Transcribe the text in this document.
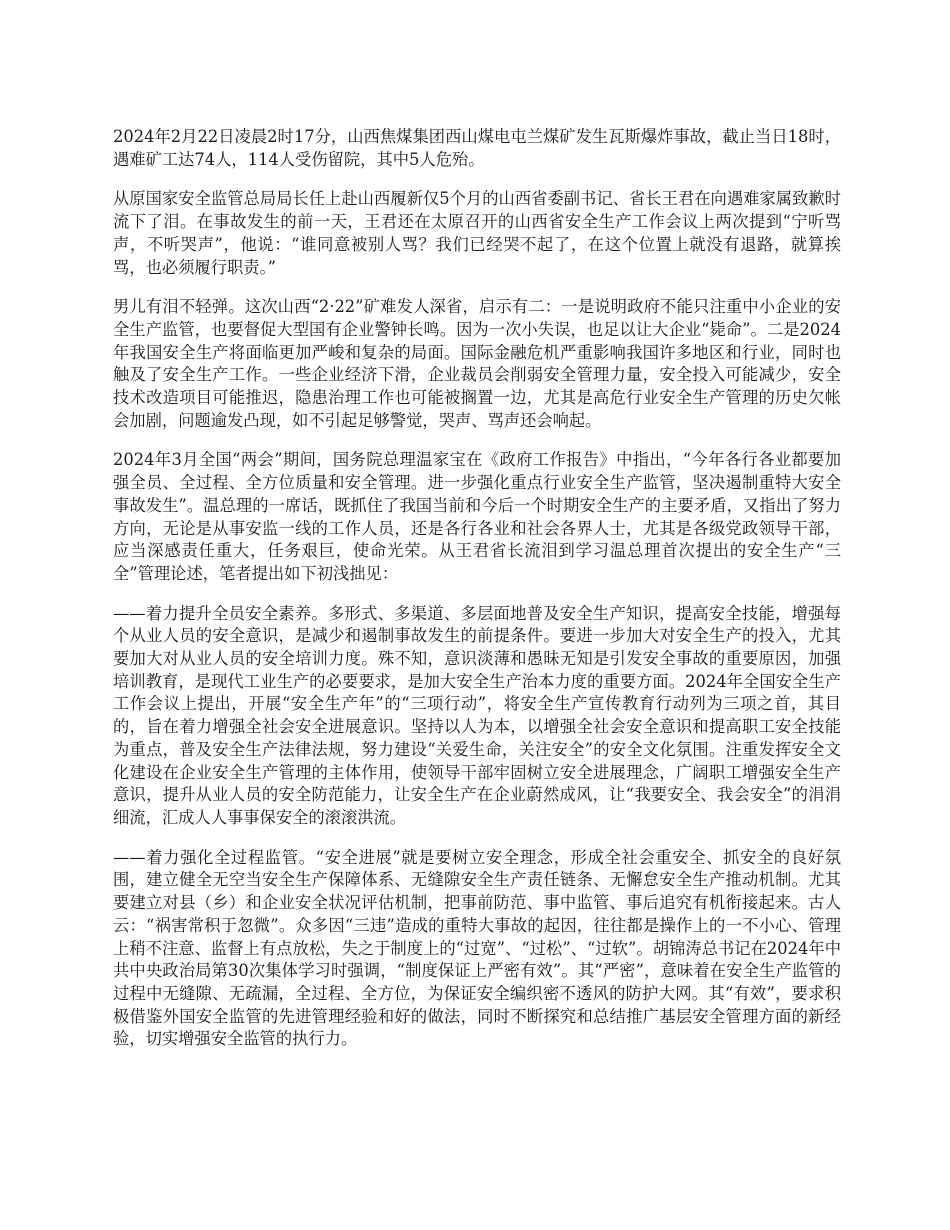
2024年2月22日凌晨2时17分，山西焦煤集团西山煤电屯兰煤矿发生瓦斯爆炸事故，截止当日18时，遇难矿工达74人，114人受伤留院，其中5人危殆。

从原国家安全监管总局局长任上赴山西履新仅5个月的山西省委副书记、省长王君在向遇难家属致歉时流下了泪。在事故发生的前一天，王君还在太原召开的山西省安全生产工作会议上两次提到“宁听骂声，不听哭声”，他说：“谁同意被别人骂？我们已经哭不起了，在这个位置上就没有退路，就算挨骂，也必须履行职责。”

男儿有泪不轻弹。这次山西“2·22”矿难发人深省，启示有二：一是说明政府不能只注重中小企业的安全生产监管，也要督促大型国有企业警钟长鸣。因为一次小失误，也足以让大企业“毙命”。二是2024年我国安全生产将面临更加严峻和复杂的局面。国际金融危机严重影响我国许多地区和行业，同时也触及了安全生产工作。一些企业经济下滑，企业裁员会削弱安全管理力量，安全投入可能减少，安全技术改造项目可能推迟，隐患治理工作也可能被搁置一边，尤其是高危行业安全生产管理的历史欠帐会加剧，问题逾发凸现，如不引起足够警觉，哭声、骂声还会响起。

2024年3月全国“两会”期间，国务院总理温家宝在《政府工作报告》中指出，“今年各行各业都要加强全员、全过程、全方位质量和安全管理。进一步强化重点行业安全生产监管，坚决遏制重特大安全事故发生”。温总理的一席话，既抓住了我国当前和今后一个时期安全生产的主要矛盾，又指出了努力方向，无论是从事安监一线的工作人员，还是各行各业和社会各界人士，尤其是各级党政领导干部，应当深感责任重大，任务艰巨，使命光荣。从王君省长流泪到学习温总理首次提出的安全生产“三全”管理论述，笔者提出如下初浅拙见：

——着力提升全员安全素养。多形式、多渠道、多层面地普及安全生产知识，提高安全技能，增强每个从业人员的安全意识，是减少和遏制事故发生的前提条件。要进一步加大对安全生产的投入，尤其要加大对从业人员的安全培训力度。殊不知，意识淡薄和愚昧无知是引发安全事故的重要原因，加强培训教育，是现代工业生产的必要要求，是加大安全生产治本力度的重要方面。2024年全国安全生产工作会议上提出，开展“安全生产年”的“三项行动”，将安全生产宣传教育行动列为三项之首，其目的，旨在着力增强全社会安全进展意识。坚持以人为本，以增强全社会安全意识和提高职工安全技能为重点，普及安全生产法律法规，努力建设“关爱生命，关注安全”的安全文化氛围。注重发挥安全文化建设在企业安全生产管理的主体作用，使领导干部牢固树立安全进展理念，广阔职工增强安全生产意识，提升从业人员的安全防范能力，让安全生产在企业蔚然成风，让“我要安全、我会安全”的涓涓细流，汇成人人事事保安全的滚滚洪流。

——着力强化全过程监管。“安全进展”就是要树立安全理念，形成全社会重安全、抓安全的良好氛围，建立健全无空当安全生产保障体系、无缝隙安全生产责任链条、无懈怠安全生产推动机制。尤其要建立对县（乡）和企业安全状况评估机制，把事前防范、事中监管、事后追究有机衔接起来。古人云：“祸害常积于忽微”。众多因“三违”造成的重特大事故的起因，往往都是操作上的一不小心、管理上稍不注意、监督上有点放松，失之于制度上的“过宽”、“过松”、“过软”。胡锦涛总书记在2024年中共中央政治局第30次集体学习时强调，“制度保证上严密有效”。其“严密”，意味着在安全生产监管的过程中无缝隙、无疏漏，全过程、全方位，为保证安全编织密不透风的防护大网。其“有效”，要求积极借鉴外国安全监管的先进管理经验和好的做法，同时不断探究和总结推广基层安全管理方面的新经验，切实增强安全监管的执行力。
